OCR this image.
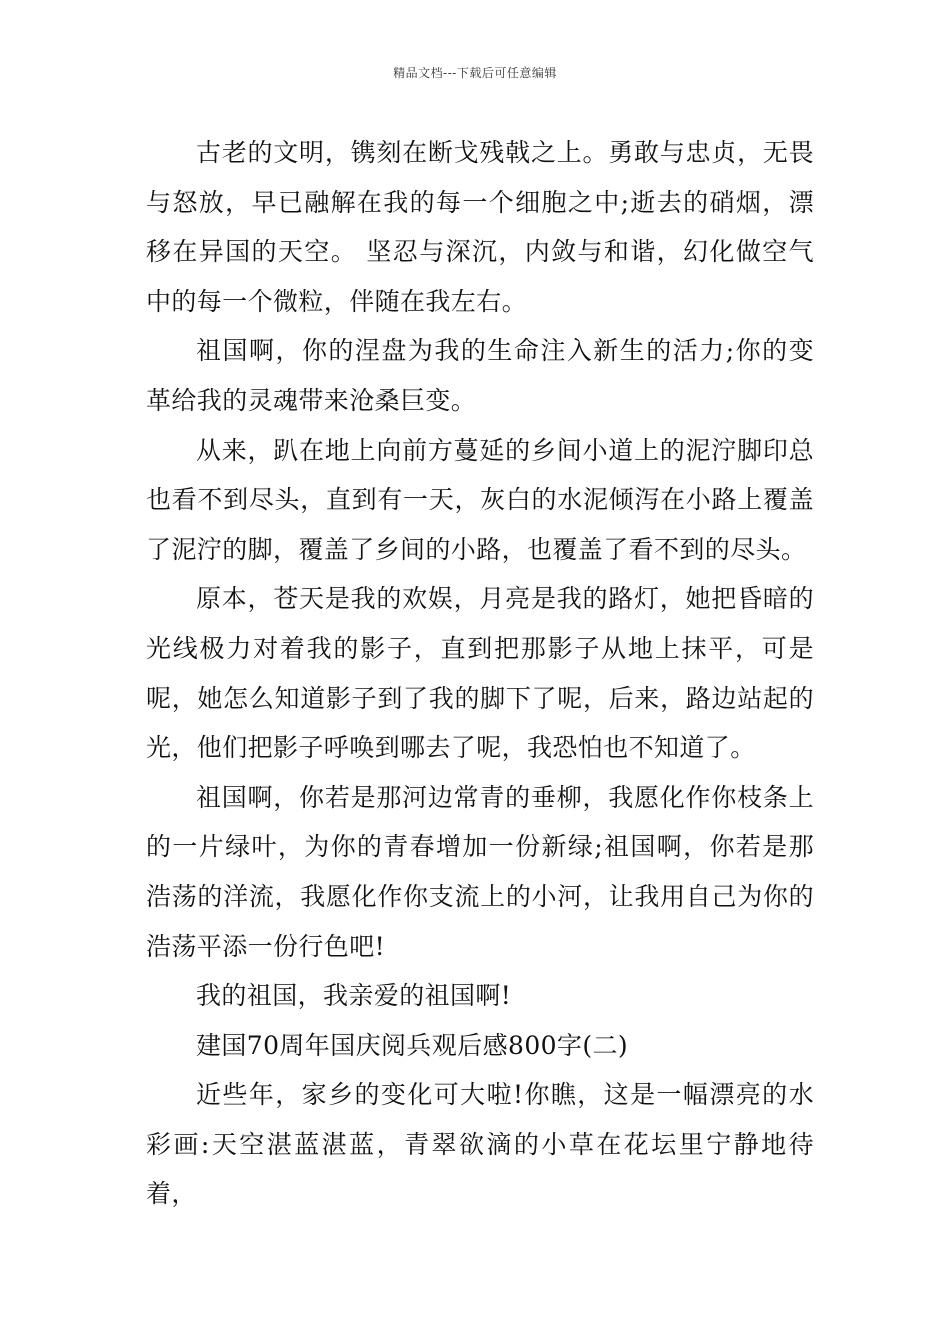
精品文档---下载后可任意编辑

古老的文明，镌刻在断戈残戟之上。勇敢与忠贞，无畏与怒放，早已融解在我的每一个细胞之中;逝去的硝烟，漂移在异国的天空。 坚忍与深沉，内敛与和谐，幻化做空气中的每一个微粒，伴随在我左右。

祖国啊，你的涅盘为我的生命注入新生的活力;你的变革给我的灵魂带来沧桑巨变。

从来，趴在地上向前方蔓延的乡间小道上的泥泞脚印总也看不到尽头，直到有一天，灰白的水泥倾泻在小路上覆盖了泥泞的脚，覆盖了乡间的小路，也覆盖了看不到的尽头。

原本，苍天是我的欢娱，月亮是我的路灯，她把昏暗的光线极力对着我的影子，直到把那影子从地上抹平，可是呢，她怎么知道影子到了我的脚下了呢，后来，路边站起的光，他们把影子呼唤到哪去了呢，我恐怕也不知道了。

祖国啊，你若是那河边常青的垂柳，我愿化作你枝条上的一片绿叶，为你的青春增加一份新绿;祖国啊，你若是那浩荡的洋流，我愿化作你支流上的小河，让我用自己为你的浩荡平添一份行色吧!

我的祖国，我亲爱的祖国啊!

建国70周年国庆阅兵观后感800字(二)

近些年，家乡的变化可大啦!你瞧，这是一幅漂亮的水彩画:天空湛蓝湛蓝，青翠欲滴的小草在花坛里宁静地待着，
